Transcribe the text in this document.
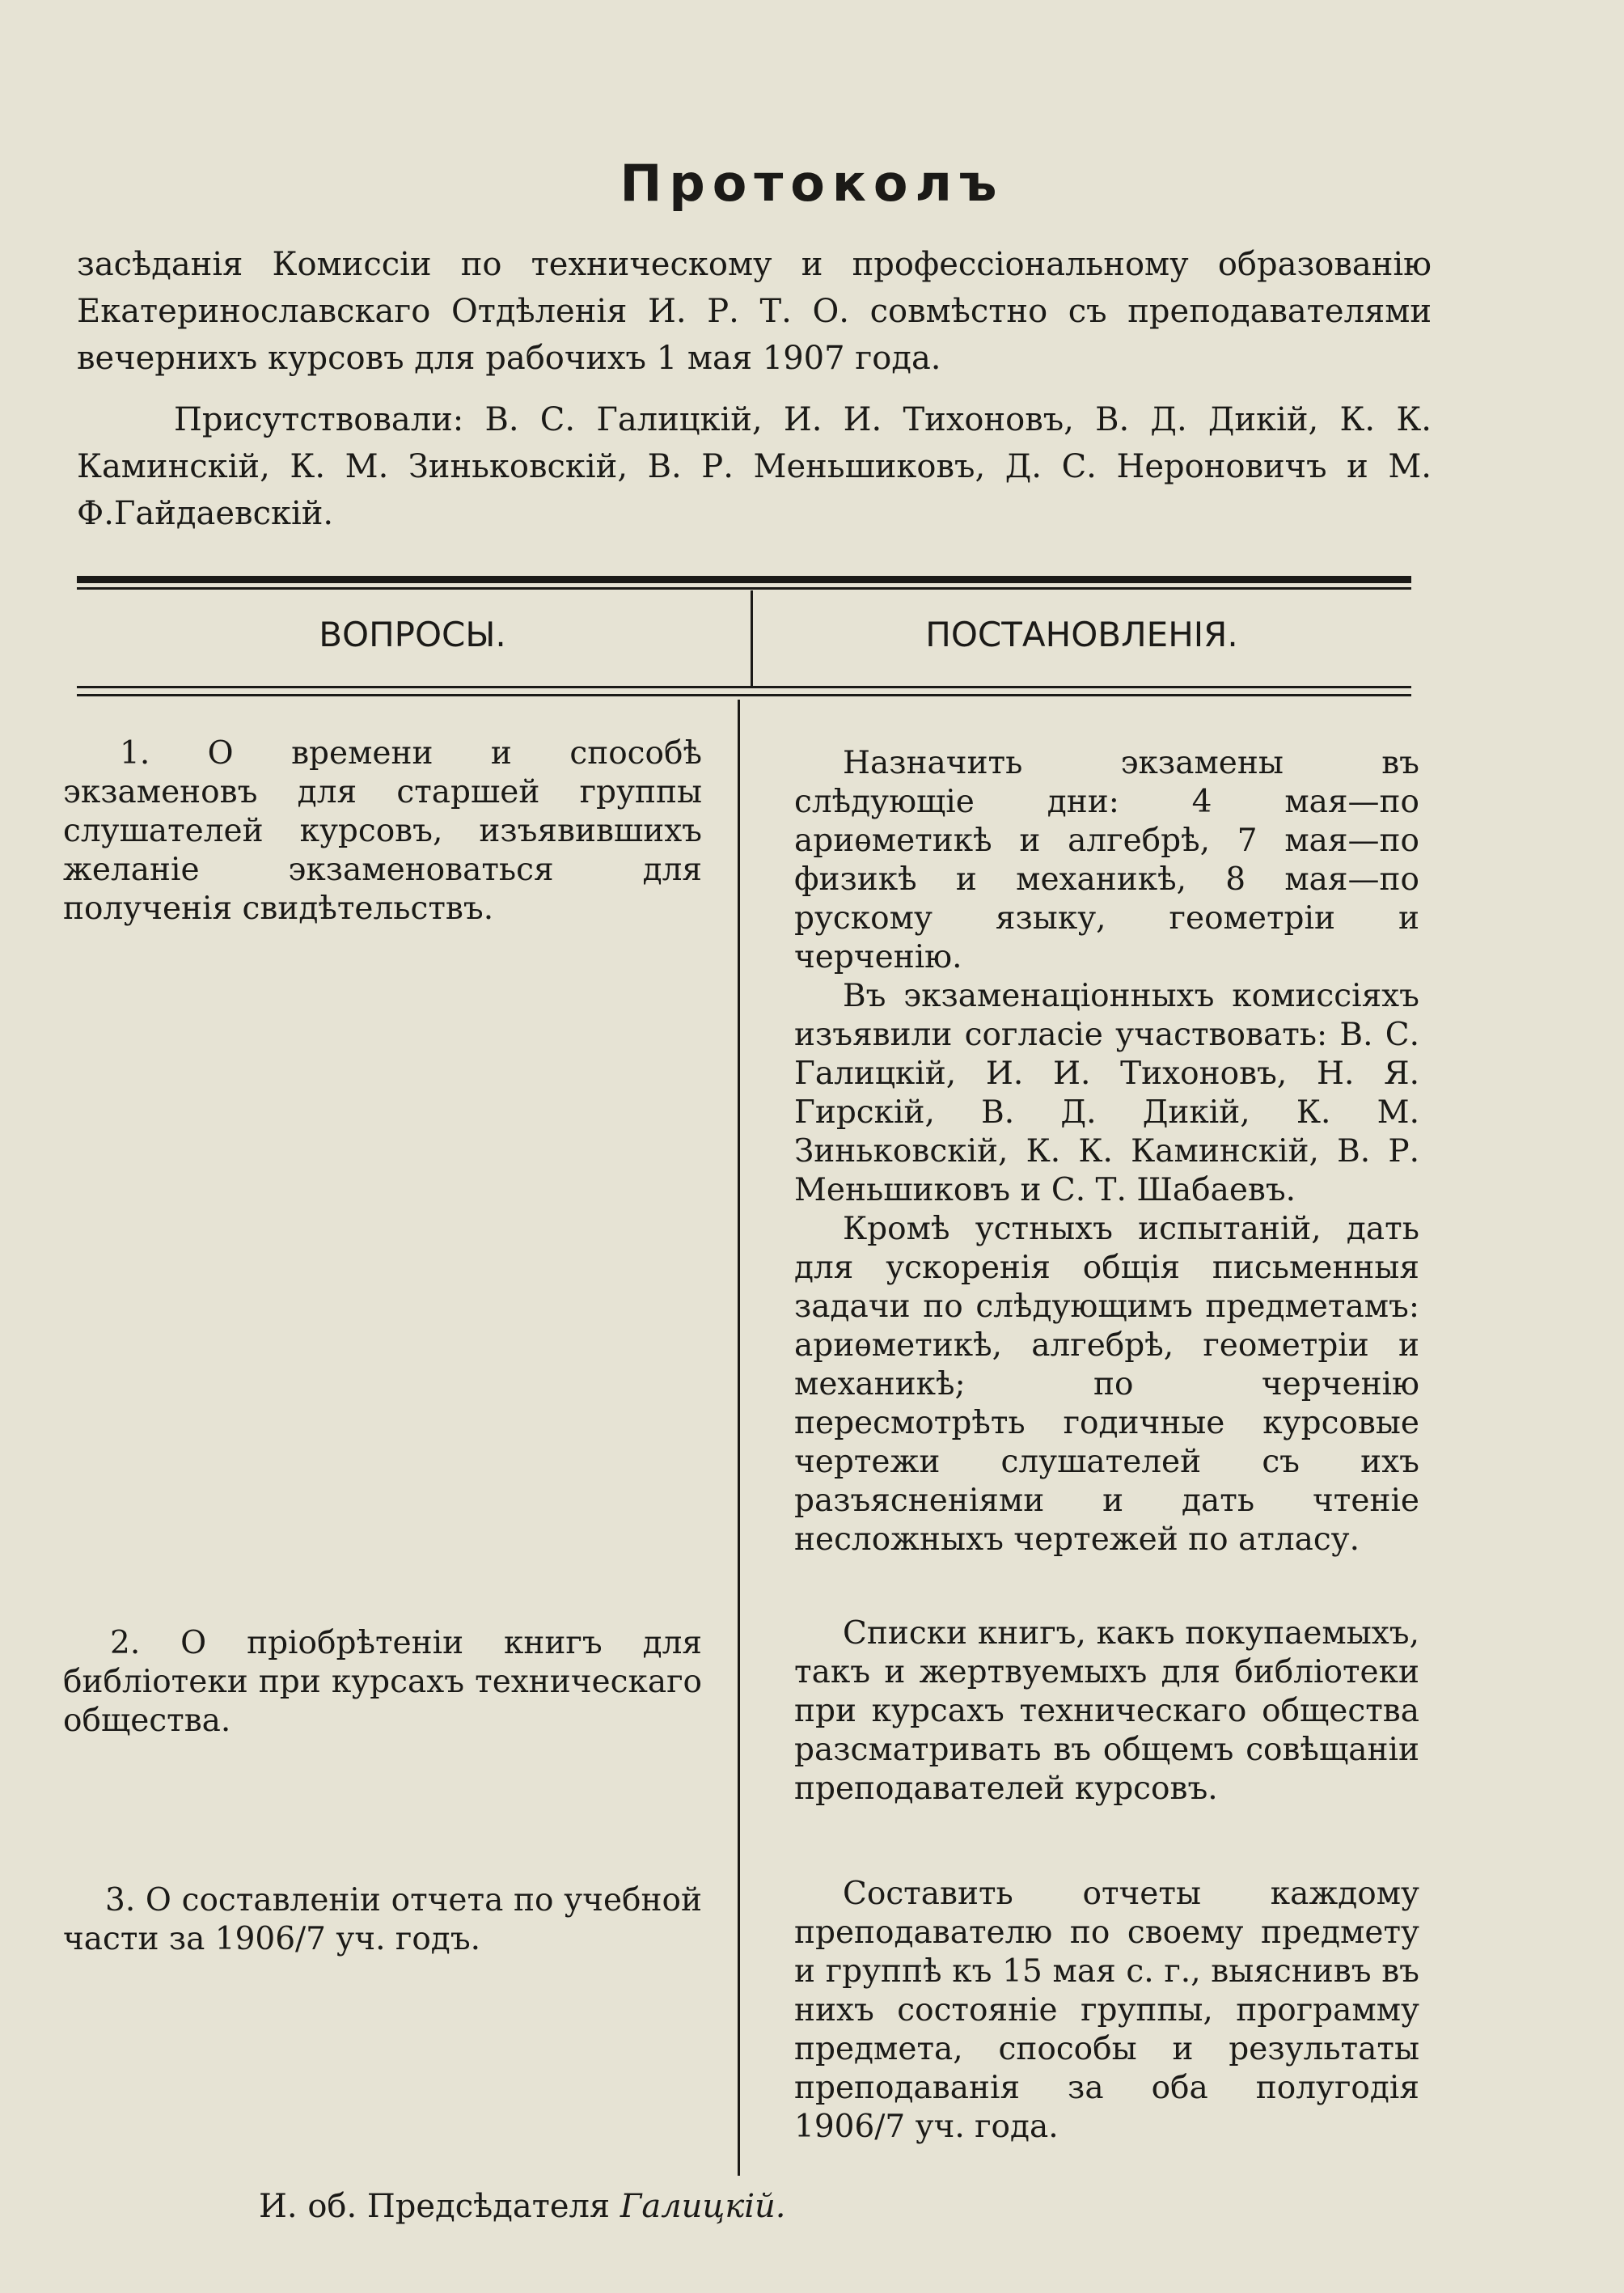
Протоколъ

засѣданія Комиссіи по техническому и профессіональному образованію Екатеринославскаго Отдѣленія И. Р. Т. О. совмѣстно съ преподавателями вечернихъ курсовъ для рабочихъ 1 мая 1907 года.

Присутствовали: В. С. Галицкій, И. И. Тихоновъ, В. Д. Дикій, К. К. Каминскій, К. М. Зиньковскій, В. Р. Меньшиковъ, Д. С. Нероновичъ и М. Ф.Гайдаевскій.

ВОПРОСЫ.	ПОСТАНОВЛЕНІЯ.
1. О времени и способѣ экзаменовъ для старшей группы слушателей курсовъ, изъявившихъ желаніе экзаменоваться для полученія свидѣтельствъ.

Назначить экзамены въ слѣдующіе дни: 4 мая—по ариѳметикѣ и алгебрѣ, 7 мая—по физикѣ и механикѣ, 8 мая—по рускому языку, геометріи и черченію.

Въ экзаменаціонныхъ комиссіяхъ изъявили согласіе участвовать: В. С. Галицкій, И. И. Тихоновъ, Н. Я. Гирскій, В. Д. Дикій, К. М. Зиньковскій, К. К. Каминскій, В. Р. Меньшиковъ и С. Т. Шабаевъ.

Кромѣ устныхъ испытаній, дать для ускоренія общія письменныя задачи по слѣдующимъ предметамъ: ариѳметикѣ, алгебрѣ, геометріи и механикѣ; по черченію пересмотрѣть годичные курсовые чертежи слушателей съ ихъ разъясненіями и дать чтеніе несложныхъ чертежей по атласу.

2. О пріобрѣтеніи книгъ для библіотеки при курсахъ техническаго общества.

Списки книгъ, какъ покупаемыхъ, такъ и жертвуемыхъ для библіотеки при курсахъ техническаго общества разсматривать въ общемъ совѣщаніи преподавателей курсовъ.

3. О составленіи отчета по учебной части за 1906/7 уч. годъ.

Составить отчеты каждому преподавателю по своему предмету и группѣ къ 15 мая с. г., выяснивъ въ нихъ состояніе группы, программу предмета, способы и результаты преподаванія за оба полугодія 1906/7 уч. года.

И. об. Предсѣдателя Галицкій.
